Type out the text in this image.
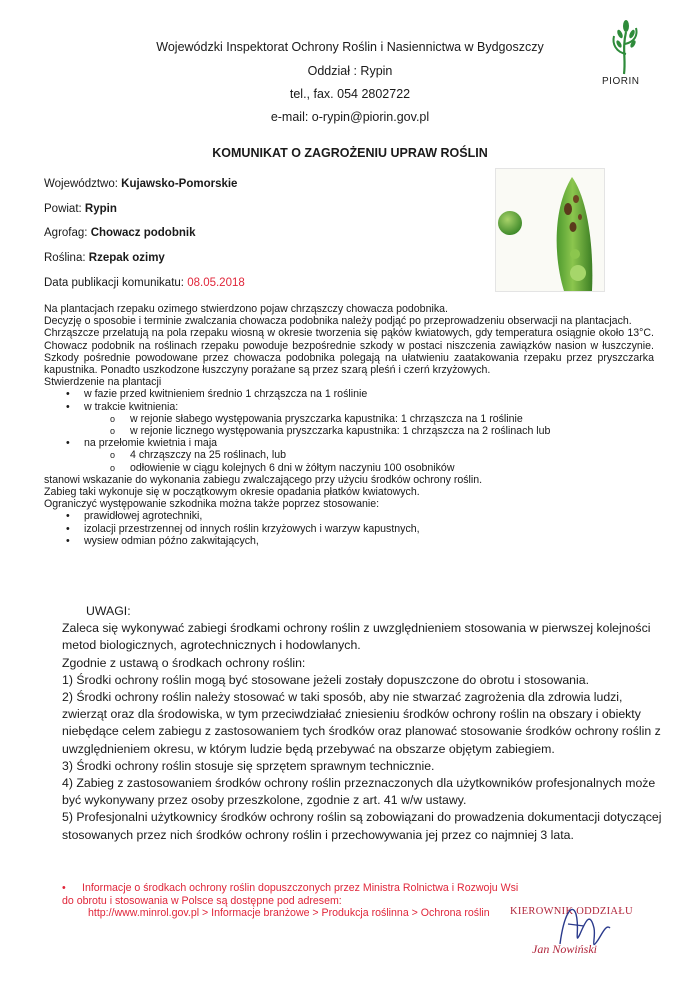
Wojewódzki Inspektorat Ochrony Roślin i Nasiennictwa w Bydgoszczy
Oddział : Rypin
tel., fax. 054 2802722
e-mail: o-rypin@piorin.gov.pl
PIORIN
KOMUNIKAT O ZAGROŻENIU UPRAW ROŚLIN
Województwo: Kujawsko-Pomorskie
Powiat: Rypin
Agrofag: Chowacz podobnik
Roślina: Rzepak ozimy
Data publikacji komunikatu: 08.05.2018

Na plantacjach rzepaku ozimego stwierdzono pojaw chrząszczy chowacza podobnika.

Decyzję o sposobie i terminie zwalczania chowacza podobnika należy podjąć po przeprowadzeniu obserwacji na plantacjach.

Chrząszcze przelatują na pola rzepaku wiosną w okresie tworzenia się pąków kwiatowych, gdy temperatura osiągnie około 13°C. Chowacz podobnik na roślinach rzepaku powoduje bezpośrednie szkody w postaci niszczenia zawiązków nasion w łuszczynie. Szkody pośrednie powodowane przez chowacza podobnika polegają na ułatwieniu zaatakowania rzepaku przez pryszczarka kapustnika. Ponadto uszkodzone łuszczyny porażane są przez szarą pleśń i czerń krzyżowych.

Stwierdzenie na plantacji

• w fazie przed kwitnieniem średnio 1 chrząszcza na 1 roślinie
• w trakcie kwitnienia:
o w rejonie słabego występowania pryszczarka kapustnika: 1 chrząszcza na 1 roślinie
o w rejonie licznego występowania pryszczarka kapustnika: 1 chrząszcza na 2 roślinach lub
• na przełomie kwietnia i maja
o 4 chrząszczy na 25 roślinach, lub
o odłowienie w ciągu kolejnych 6 dni w żółtym naczyniu 100 osobników

stanowi wskazanie do wykonania zabiegu zwalczającego przy użyciu środków ochrony roślin.

Zabieg taki wykonuje się w początkowym okresie opadania płatków kwiatowych.

Ograniczyć występowanie szkodnika można także poprzez stosowanie:

• prawidłowej agrotechniki,
• izolacji przestrzennej od innych roślin krzyżowych i warzyw kapustnych,
• wysiew odmian późno zakwitających,

UWAGI:

Zaleca się wykonywać zabiegi środkami ochrony roślin z uwzględnieniem stosowania w pierwszej kolejności metod biologicznych, agrotechnicznych i hodowlanych.

Zgodnie z ustawą o środkach ochrony roślin:

1) Środki ochrony roślin mogą być stosowane jeżeli zostały dopuszczone do obrotu i stosowania.

2) Środki ochrony roślin należy stosować w taki sposób, aby nie stwarzać zagrożenia dla zdrowia ludzi, zwierząt oraz dla środowiska, w tym przeciwdziałać zniesieniu środków ochrony roślin na obszary i obiekty niebędące celem zabiegu z zastosowaniem tych środków oraz planować stosowanie środków ochrony roślin z uwzględnieniem okresu, w którym ludzie będą przebywać na obszarze objętym zabiegiem.

3) Środki ochrony roślin stosuje się sprzętem sprawnym technicznie.

4) Zabieg z zastosowaniem środków ochrony roślin przeznaczonych dla użytkowników profesjonalnych może być wykonywany przez osoby przeszkolone, zgodnie z art. 41 w/w ustawy.

5) Profesjonalni użytkownicy środków ochrony roślin są zobowiązani do prowadzenia dokumentacji dotyczącej stosowanych przez nich środków ochrony roślin i przechowywania jej przez co najmniej 3 lata.

• Informacje o środkach ochrony roślin dopuszczonych przez Ministra Rolnictwa i Rozwoju Wsi
do obrotu i stosowania w Polsce są dostępne pod adresem:
http://www.minrol.gov.pl > Informacje branżowe > Produkcja roślinna > Ochrona roślin	KIEROWNIK ODDZIAŁU
Jan Nowiński
